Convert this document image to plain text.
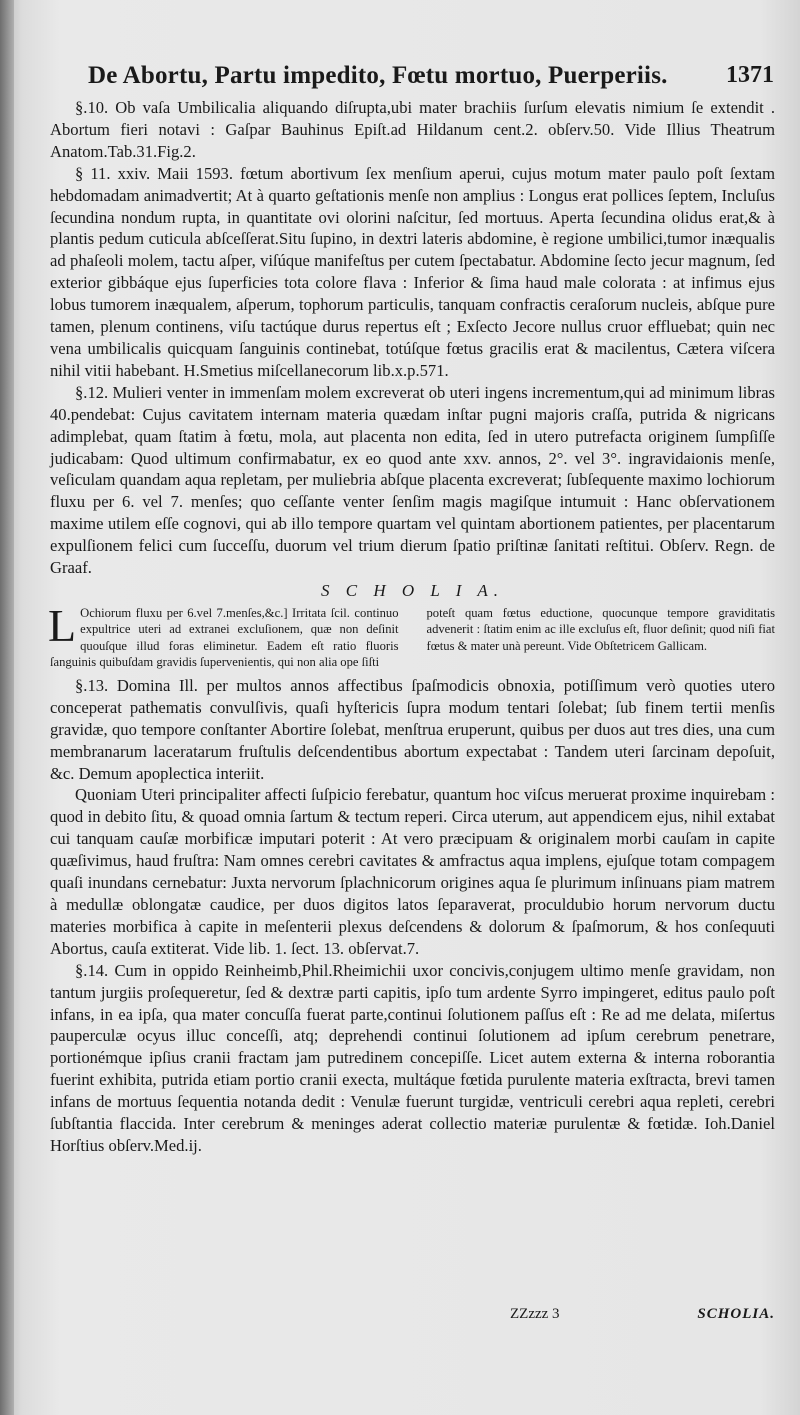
De Abortu, Partu impedito, Fœtu mortuo, Puerperiis. 1371

§.10. Ob vaſa Umbilicalia aliquando diſrupta,ubi mater brachiis ſurſum elevatis nimium ſe extendit . Abortum fieri notavi : Gaſpar Bauhinus Epiſt.ad Hildanum cent.2. obſerv.50. Vide Illius Theatrum Anatom.Tab.31.Fig.2.

§ 11. xxiv. Maii 1593. fœtum abortivum ſex menſium aperui, cujus motum mater paulo poſt ſextam hebdomadam animadvertit; At à quarto geſtationis menſe non amplius : Longus erat pollices ſeptem, Incluſus ſecundina nondum rupta, in quantitate ovi olorini naſcitur, ſed mortuus. Aperta ſecundina olidus erat,& à plantis pedum cuticula abſceſſerat.Situ ſupino, in dextri lateris abdomine, è regione umbilici,tumor inæqualis ad phaſeoli molem, tactu aſper, viſúque manifeſtus per cutem ſpectabatur. Abdomine ſecto jecur magnum, ſed exterior gibbáque ejus ſuperficies tota colore flava : Inferior & ſima haud male colorata : at infimus ejus lobus tumorem inæqualem, aſperum, tophorum particulis, tanquam confractis ceraſorum nucleis, abſque pure tamen, plenum continens, viſu tactúque durus repertus eſt ; Exſecto Jecore nullus cruor effluebat; quin nec vena umbilicalis quicquam ſanguinis continebat, totúſque fœtus gracilis erat & macilentus, Cætera viſcera nihil vitii habebant. H.Smetius miſcellanecorum lib.x.p.571.

§.12. Mulieri venter in immenſam molem excreverat ob uteri ingens incrementum,qui ad minimum libras 40.pendebat: Cujus cavitatem internam materia quædam inſtar pugni majoris craſſa, putrida & nigricans adimplebat, quam ſtatim à fœtu, mola, aut placenta non edita, ſed in utero putrefacta originem ſumpſiſſe judicabam: Quod ultimum confirmabatur, ex eo quod ante xxv. annos, 2°. vel 3°. ingravidaionis menſe, veſiculam quandam aqua repletam, per muliebria abſque placenta excreverat; ſubſequente maximo lochiorum fluxu per 6. vel 7. menſes; quo ceſſante venter ſenſim magis magiſque intumuit : Hanc obſervationem maxime utilem eſſe cognovi, qui ab illo tempore quartam vel quintam abortionem patientes, per placentarum expulſionem felici cum ſucceſſu, duorum vel trium dierum ſpatio priſtinæ ſanitati reſtitui. Obſerv. Regn. de Graaf.

S C H O L I A.

L Ochiorum fluxu per 6.vel 7.menſes,&c.] Irritata ſcil. continuo expultrice uteri ad extranei excluſionem, quæ non deſinit quouſque illud foras eliminetur. Eadem eſt ratio fluoris ſanguinis quibuſdam gravidis ſupervenientis, qui non alia ope ſiſti
poteſt quam fœtus eductione, quocunque tempore graviditatis advenerit : ſtatim enim ac ille excluſus eſt, fluor deſinit; quod niſi fiat fœtus & mater unà pereunt. Vide Obſtetricem Gallicam.

§.13. Domina Ill. per multos annos affectibus ſpaſmodicis obnoxia, potiſſimum verò quoties utero conceperat pathematis convulſivis, quaſi hyſtericis ſupra modum tentari ſolebat; ſub finem tertii menſis gravidæ, quo tempore conſtanter Abortire ſolebat, menſtrua eruperunt, quibus per duos aut tres dies, una cum membranarum laceratarum fruſtulis deſcendentibus abortum expectabat : Tandem uteri ſarcinam depoſuit, &c. Demum apoplectica interiit.

Quoniam Uteri principaliter affecti ſuſpicio ferebatur, quantum hoc viſcus meruerat proxime inquirebam : quod in debito ſitu, & quoad omnia ſartum & tectum reperi. Circa uterum, aut appendicem ejus, nihil extabat cui tanquam cauſæ morbificæ imputari poterit : At vero præcipuam & originalem morbi cauſam in capite quæſivimus, haud fruſtra: Nam omnes cerebri cavitates & amfractus aqua implens, ejuſque totam compagem quaſi inundans cernebatur: Juxta nervorum ſplachnicorum origines aqua ſe plurimum inſinuans piam matrem à medullæ oblongatæ caudice, per duos digitos latos ſeparaverat, proculdubio horum nervorum ductu materies morbifica à capite in meſenterii plexus deſcendens & dolorum & ſpaſmorum, & hos conſequuti Abortus, cauſa extiterat. Vide lib. 1. ſect. 13. obſervat.7.

§.14. Cum in oppido Reinheimb,Phil.Rheimichii uxor concivis,conjugem ultimo menſe gravidam, non tantum jurgiis proſequeretur, ſed & dextræ parti capitis, ipſo tum ardente Syrro impingeret, editus paulo poſt infans, in ea ipſa, qua mater concuſſa fuerat parte,continui ſolutionem paſſus eſt : Re ad me delata, miſertus pauperculæ ocyus illuc conceſſi, atq; deprehendi continui ſolutionem ad ipſum cerebrum penetrare, portionémque ipſius cranii fractam jam putredinem concepiſſe. Licet autem externa & interna roborantia fuerint exhibita, putrida etiam portio cranii execta, multáque fœtida purulente materia exſtracta, brevi tamen infans de mortuus ſequentia notanda dedit : Venulæ fuerunt turgidæ, ventriculi cerebri aqua repleti, cerebri ſubſtantia flaccida. Inter cerebrum & meninges aderat collectio materiæ purulentæ & fœtidæ. Ioh.Daniel Horſtius obſerv.Med.ij.

ZZzzz 3	SCHOLIA.
